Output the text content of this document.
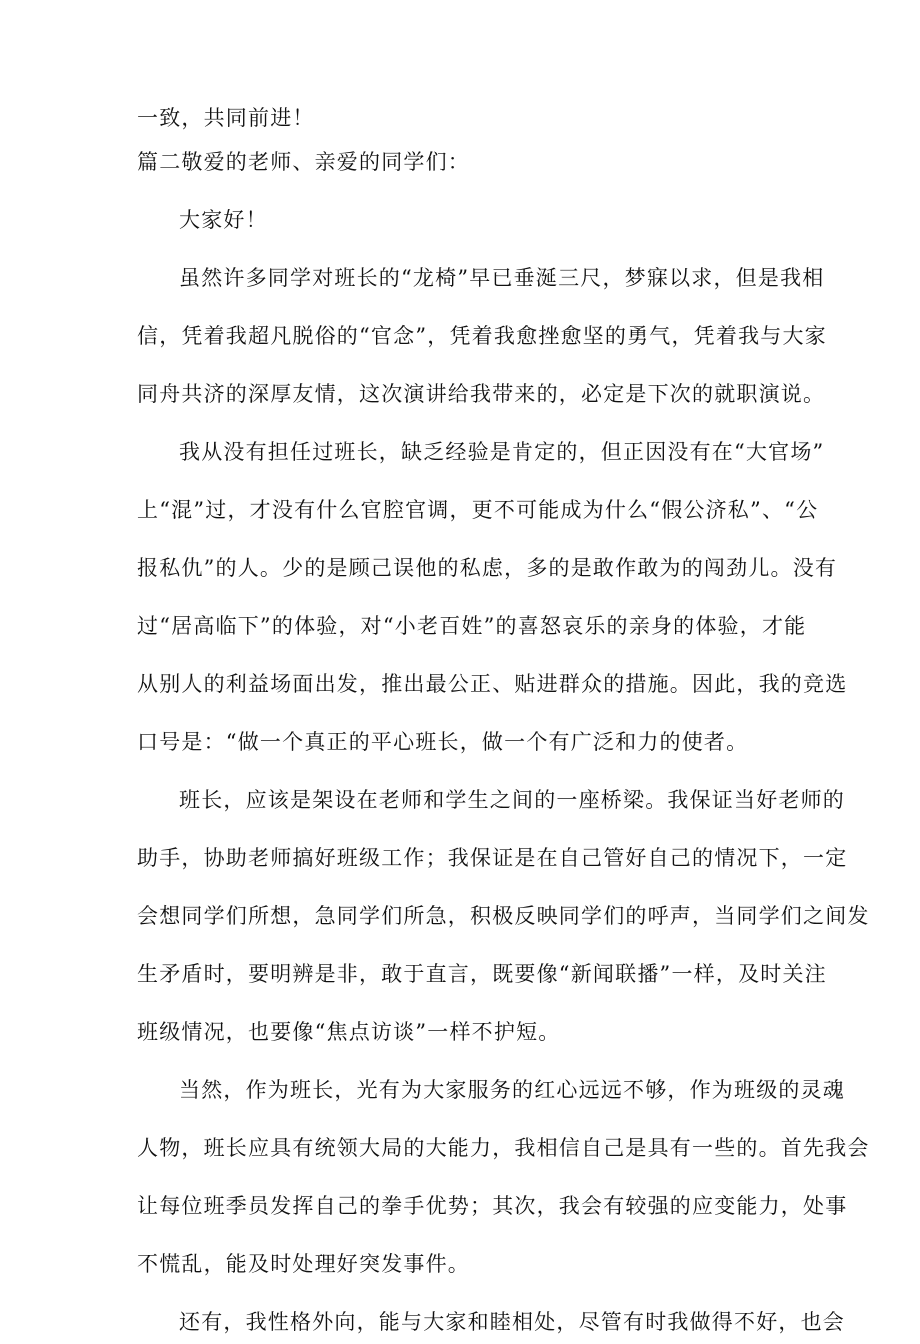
一致，共同前进！
篇二敬爱的老师、亲爱的同学们：
大家好！
虽然许多同学对班长的“龙椅”早已垂涎三尺，梦寐以求，但是我相
信，凭着我超凡脱俗的“官念”，凭着我愈挫愈坚的勇气，凭着我与大家
同舟共济的深厚友情，这次演讲给我带来的，必定是下次的就职演说。
我从没有担任过班长，缺乏经验是肯定的，但正因没有在“大官场”
上“混”过，才没有什么官腔官调，更不可能成为什么“假公济私”、“公
报私仇”的人。少的是顾己误他的私虑，多的是敢作敢为的闯劲儿。没有
过“居高临下”的体验，对“小老百姓”的喜怒哀乐的亲身的体验，才能
从别人的利益场面出发，推出最公正、贴进群众的措施。因此，我的竞选
口号是：“做一个真正的平心班长，做一个有广泛和力的使者。
班长，应该是架设在老师和学生之间的一座桥梁。我保证当好老师的
助手，协助老师搞好班级工作；我保证是在自己管好自己的情况下，一定
会想同学们所想，急同学们所急，积极反映同学们的呼声，当同学们之间发
生矛盾时，要明辨是非，敢于直言，既要像“新闻联播”一样，及时关注
班级情况，也要像“焦点访谈”一样不护短。
当然，作为班长，光有为大家服务的红心远远不够，作为班级的灵魂
人物，班长应具有统领大局的大能力，我相信自己是具有一些的。首先我会
让每位班季员发挥自己的拳手优势；其次，我会有较强的应变能力，处事
不慌乱，能及时处理好突发事件。
还有，我性格外向，能与大家和睦相处，尽管有时我做得不好，也会
